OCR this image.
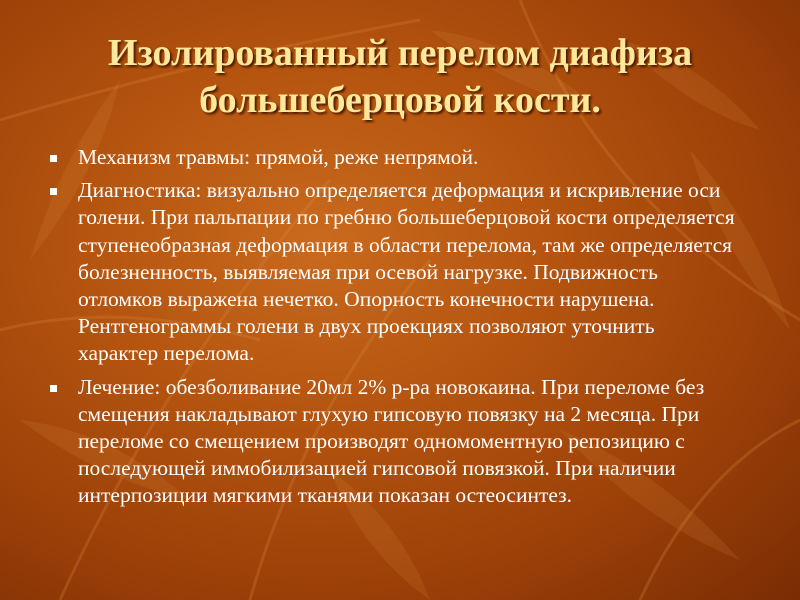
Изолированный перелом диафиза
большеберцовой кости.
Механизм травмы: прямой, реже непрямой.
Диагностика: визуально определяется деформация и искривление оси голени. При пальпации по гребню большеберцовой кости определяется ступенеобразная деформация в области перелома, там же определяется болезненность, выявляемая при осевой нагрузке. Подвижность отломков выражена нечетко. Опорность конечности нарушена. Рентгенограммы голени в двух проекциях позволяют уточнить характер перелома.
Лечение: обезболивание 20мл 2% р-ра новокаина. При переломе без смещения накладывают глухую гипсовую повязку на 2 месяца. При переломе со смещением производят одномоментную репозицию с последующей иммобилизацией гипсовой повязкой. При наличии интерпозиции мягкими тканями показан остеосинтез.
